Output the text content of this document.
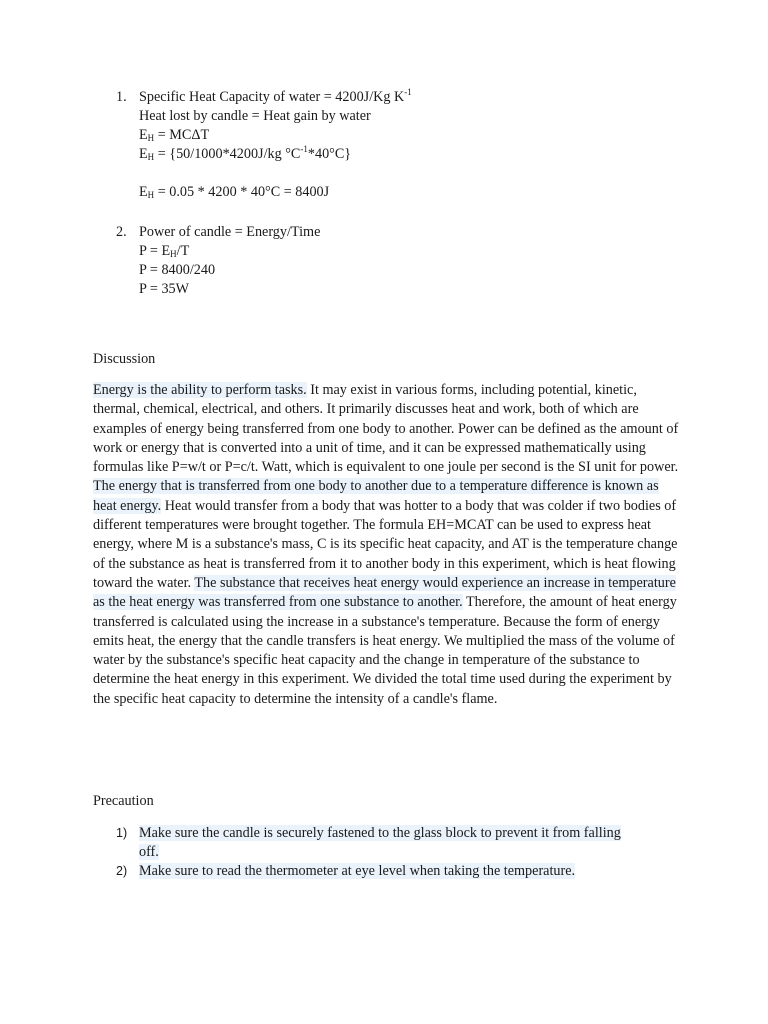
1. Specific Heat Capacity of water = 4200J/Kg $K^{-1}$
Heat lost by candle = Heat gain by water
$E_H = MC\Delta T$
$E_H = \{50/1000*4200J/kg$ $^\circ C^{-1}*40^\circ C$}
$E_H = 0.05 * 4200 * 40^\circ C = 8400J$
2. Power of candle = Energy/Time
$P = E_H/T$
P = 8400/240
P = 35W
Discussion
Energy is the ability to perform tasks. It may exist in various forms, including potential, kinetic, thermal, chemical, electrical, and others. It primarily discusses heat and work, both of which are examples of energy being transferred from one body to another. Power can be defined as the amount of work or energy that is converted into a unit of time, and it can be expressed mathematically using formulas like P=w/t or P=c/t. Watt, which is equivalent to one joule per second is the SI unit for power. The energy that is transferred from one body to another due to a temperature difference is known as heat energy. Heat would transfer from a body that was hotter to a body that was colder if two bodies of different temperatures were brought together. The formula EH=MCAT can be used to express heat energy, where M is a substance's mass, C is its specific heat capacity, and AT is the temperature change of the substance as heat is transferred from it to another body in this experiment, which is heat flowing toward the water. The substance that receives heat energy would experience an increase in temperature as the heat energy was transferred from one substance to another. Therefore, the amount of heat energy transferred is calculated using the increase in a substance's temperature. Because the form of energy emits heat, the energy that the candle transfers is heat energy. We multiplied the mass of the volume of water by the substance's specific heat capacity and the change in temperature of the substance to determine the heat energy in this experiment. We divided the total time used during the experiment by the specific heat capacity to determine the intensity of a candle's flame.
Precaution
1) Make sure the candle is securely fastened to the glass block to prevent it from falling
off.
2) Make sure to read the thermometer at eye level when taking the temperature.
